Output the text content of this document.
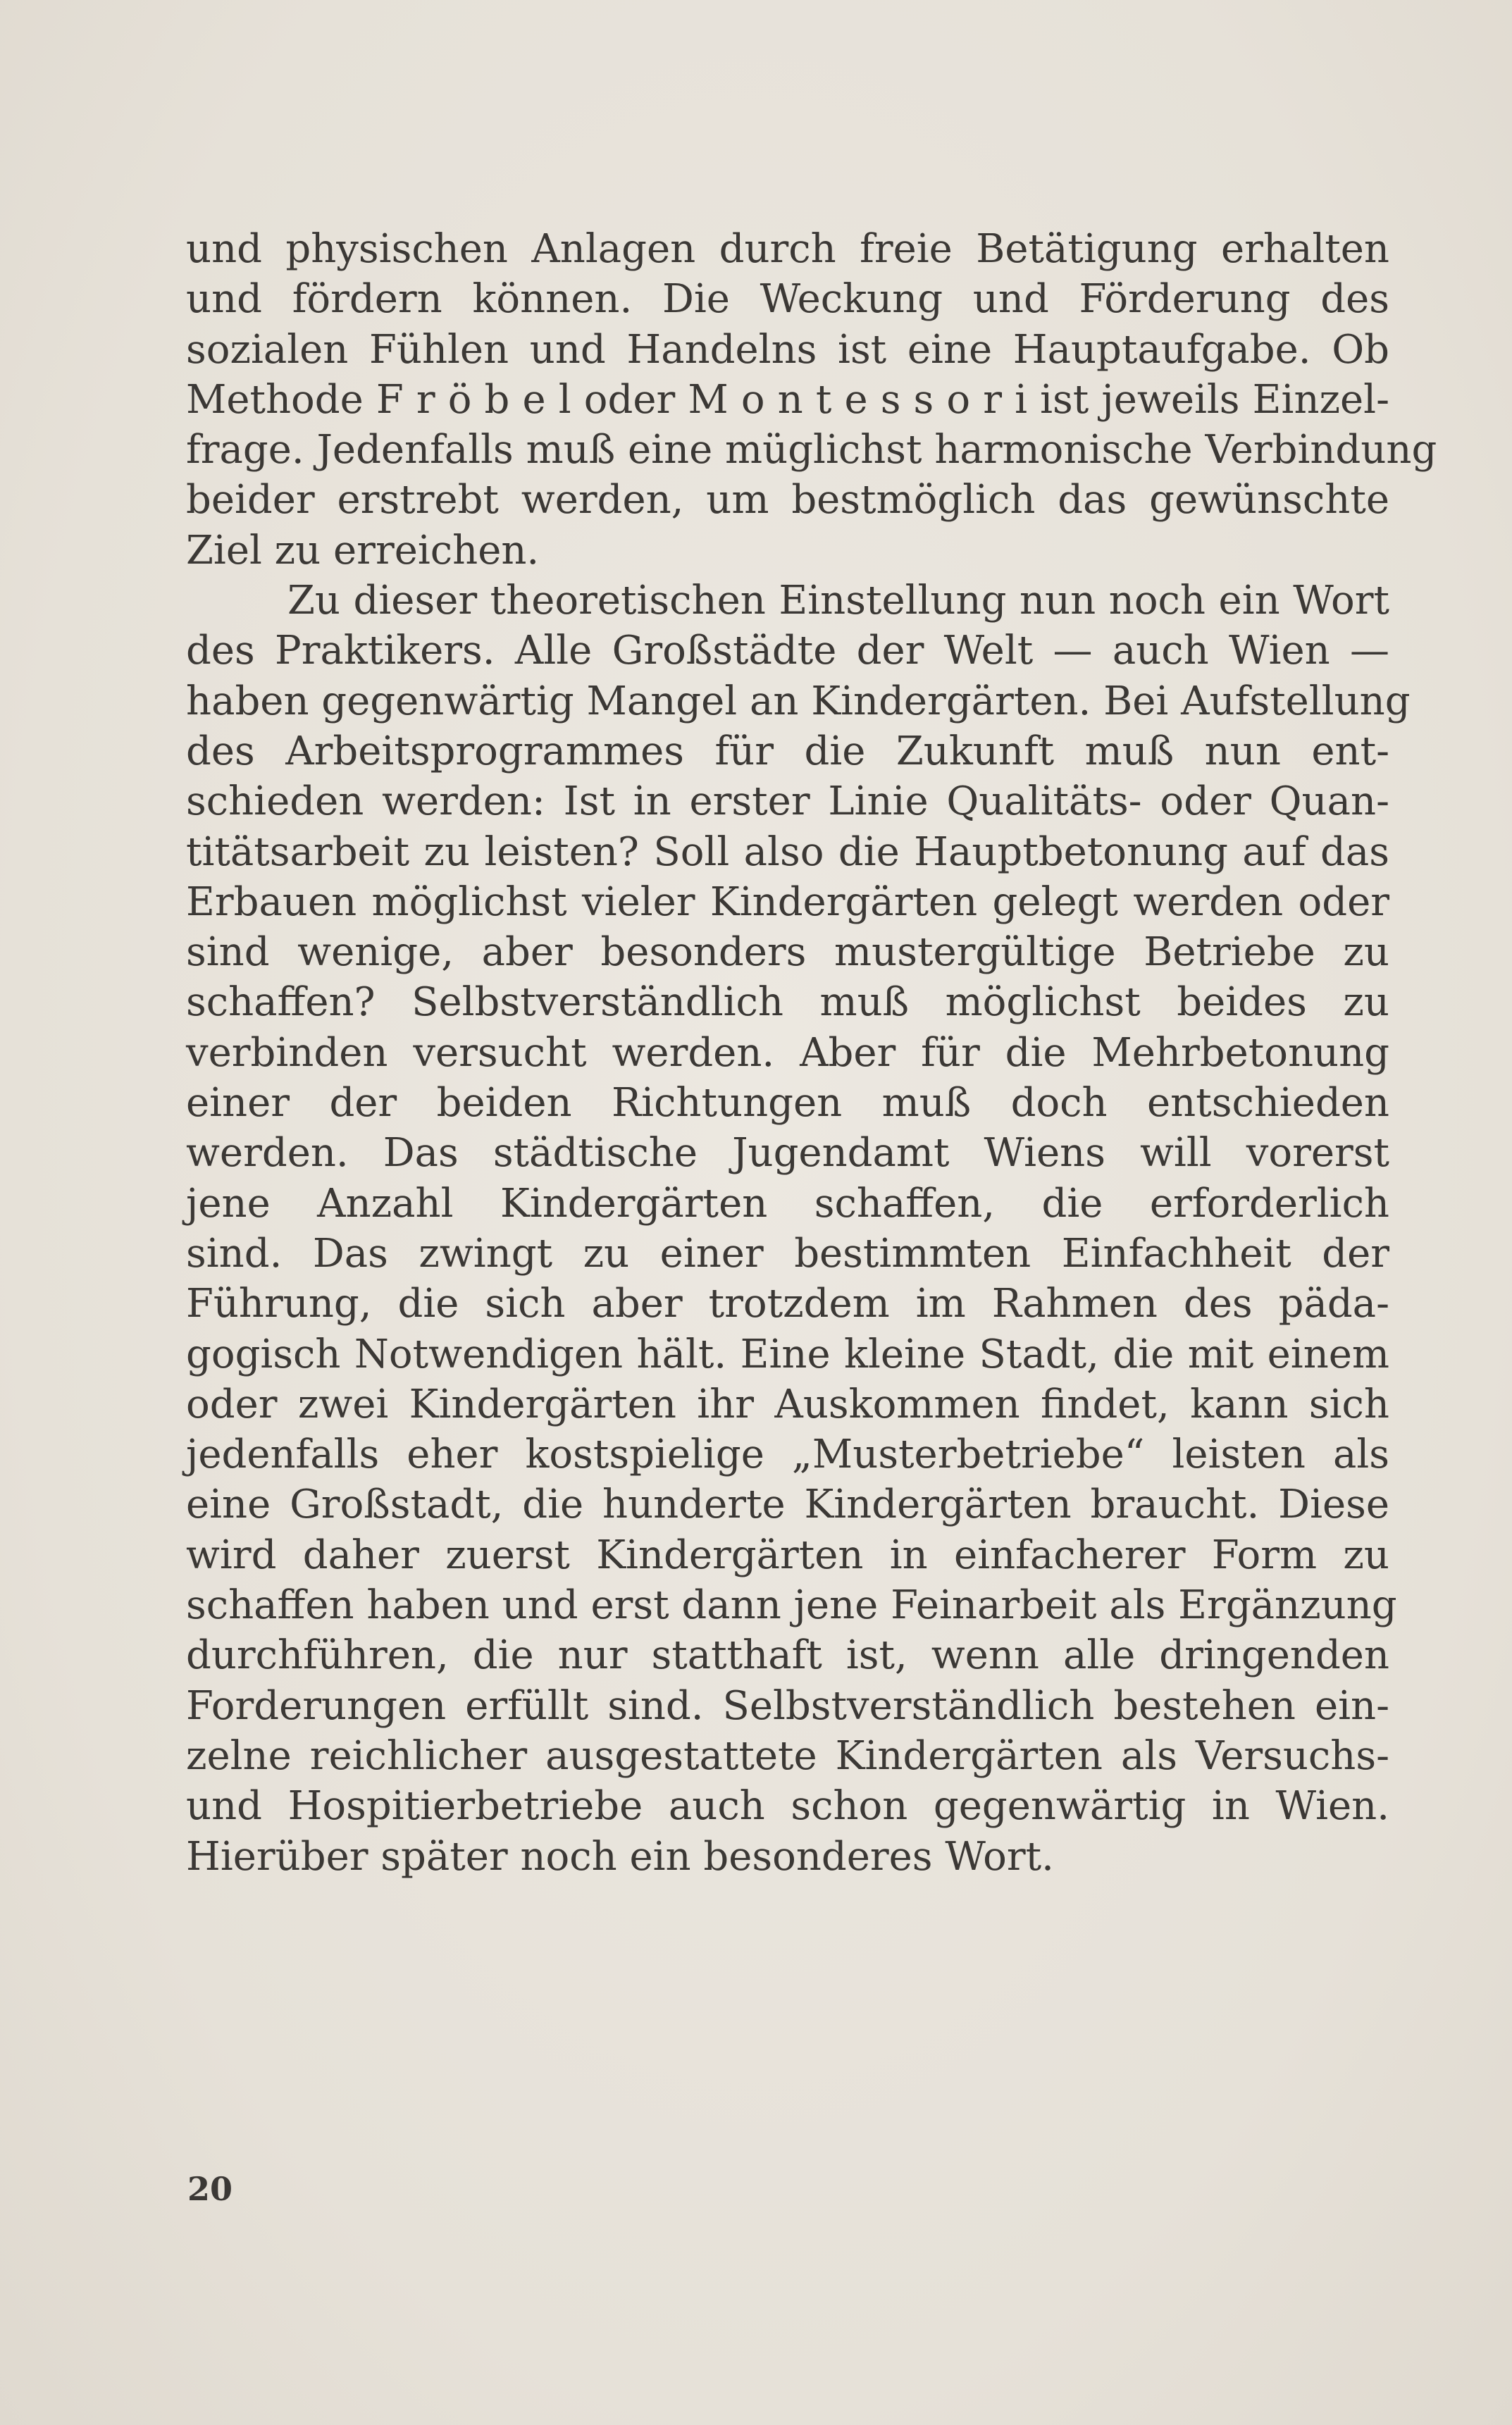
und physischen Anlagen durch freie Betätigung erhalten
und fördern können. Die Weckung und Förderung des
sozialen Fühlen und Handelns ist eine Hauptaufgabe. Ob
Methode F r ö b e l oder M o n t e s s o r i ist jeweils Einzel-
frage. Jedenfalls muß eine müglichst harmonische Verbindung
beider erstrebt werden, um bestmöglich das gewünschte
Ziel zu erreichen.
Zu dieser theoretischen Einstellung nun noch ein Wort
des Praktikers. Alle Großstädte der Welt — auch Wien —
haben gegenwärtig Mangel an Kindergärten. Bei Aufstellung
des Arbeitsprogrammes für die Zukunft muß nun ent-
schieden werden: Ist in erster Linie Qualitäts- oder Quan-
titätsarbeit zu leisten? Soll also die Hauptbetonung auf das
Erbauen möglichst vieler Kindergärten gelegt werden oder
sind wenige, aber besonders mustergültige Betriebe zu
schaffen? Selbstverständlich muß möglichst beides zu
verbinden versucht werden. Aber für die Mehrbetonung
einer der beiden Richtungen muß doch entschieden
werden. Das städtische Jugendamt Wiens will vorerst
jene Anzahl Kindergärten schaffen, die erforderlich
sind. Das zwingt zu einer bestimmten Einfachheit der
Führung, die sich aber trotzdem im Rahmen des päda-
gogisch Notwendigen hält. Eine kleine Stadt, die mit einem
oder zwei Kindergärten ihr Auskommen findet, kann sich
jedenfalls eher kostspielige „Musterbetriebe“ leisten als
eine Großstadt, die hunderte Kindergärten braucht. Diese
wird daher zuerst Kindergärten in einfacherer Form zu
schaffen haben und erst dann jene Feinarbeit als Ergänzung
durchführen, die nur statthaft ist, wenn alle dringenden
Forderungen erfüllt sind. Selbstverständlich bestehen ein-
zelne reichlicher ausgestattete Kindergärten als Versuchs-
und Hospitierbetriebe auch schon gegenwärtig in Wien.
Hierüber später noch ein besonderes Wort.
20
